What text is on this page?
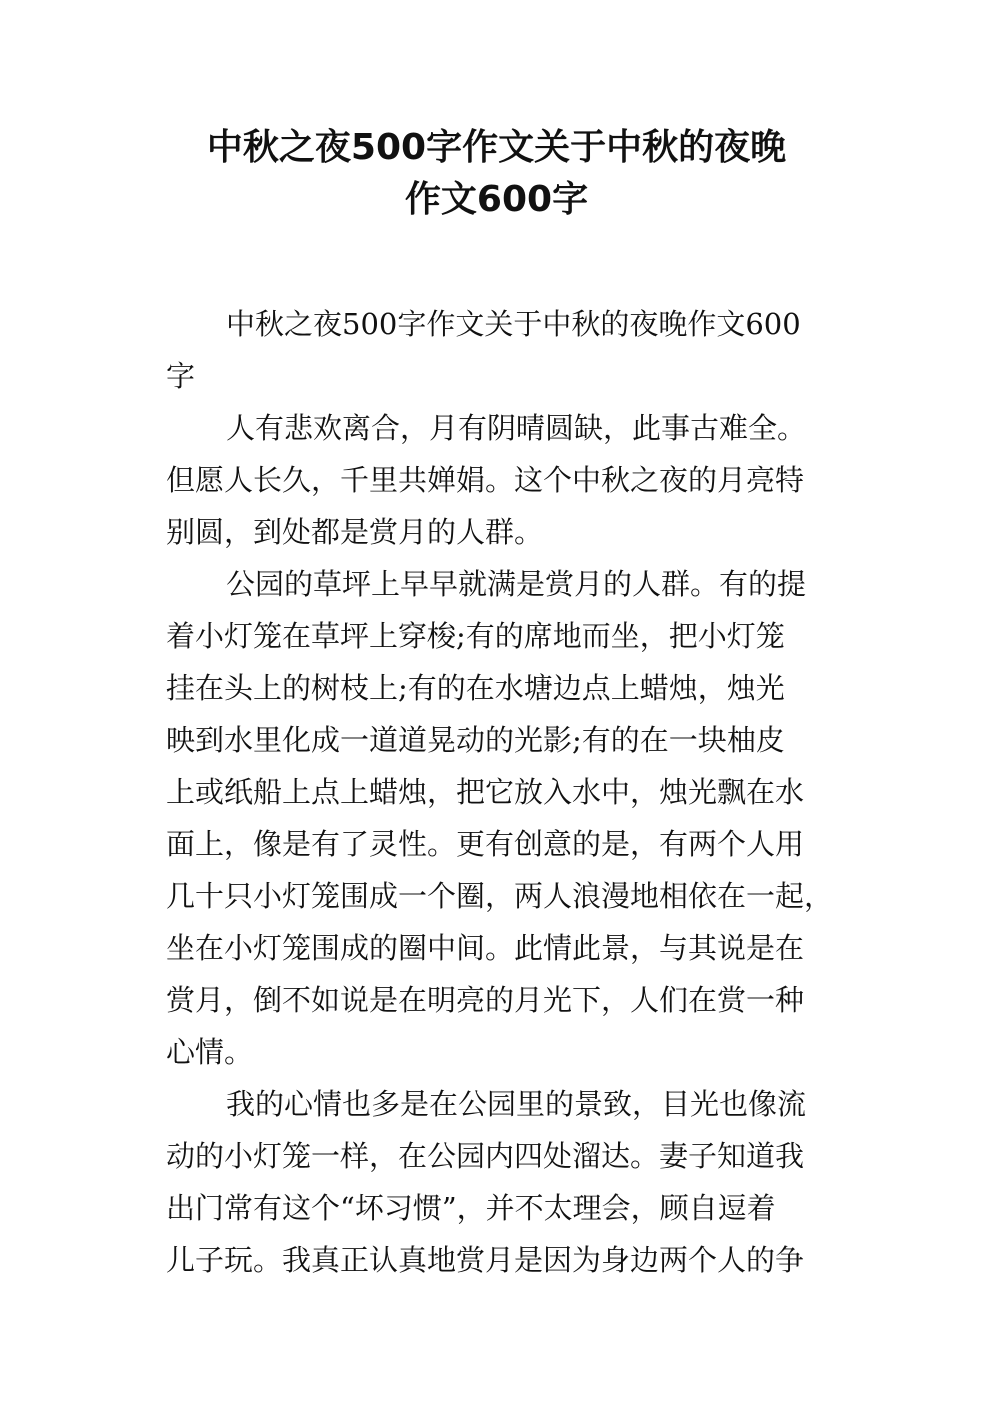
中秋之夜500字作文关于中秋的夜晚
作文600字
中秋之夜500字作文关于中秋的夜晚作文600
字
人有悲欢离合，月有阴晴圆缺，此事古难全。
但愿人长久，千里共婵娟。这个中秋之夜的月亮特
别圆，到处都是赏月的人群。
公园的草坪上早早就满是赏月的人群。有的提
着小灯笼在草坪上穿梭;有的席地而坐，把小灯笼
挂在头上的树枝上;有的在水塘边点上蜡烛，烛光
映到水里化成一道道晃动的光影;有的在一块柚皮
上或纸船上点上蜡烛，把它放入水中，烛光飘在水
面上，像是有了灵性。更有创意的是，有两个人用
几十只小灯笼围成一个圈，两人浪漫地相依在一起，
坐在小灯笼围成的圈中间。此情此景，与其说是在
赏月，倒不如说是在明亮的月光下，人们在赏一种
心情。
我的心情也多是在公园里的景致，目光也像流
动的小灯笼一样，在公园内四处溜达。妻子知道我
出门常有这个“坏习惯”，并不太理会，顾自逗着
儿子玩。我真正认真地赏月是因为身边两个人的争
